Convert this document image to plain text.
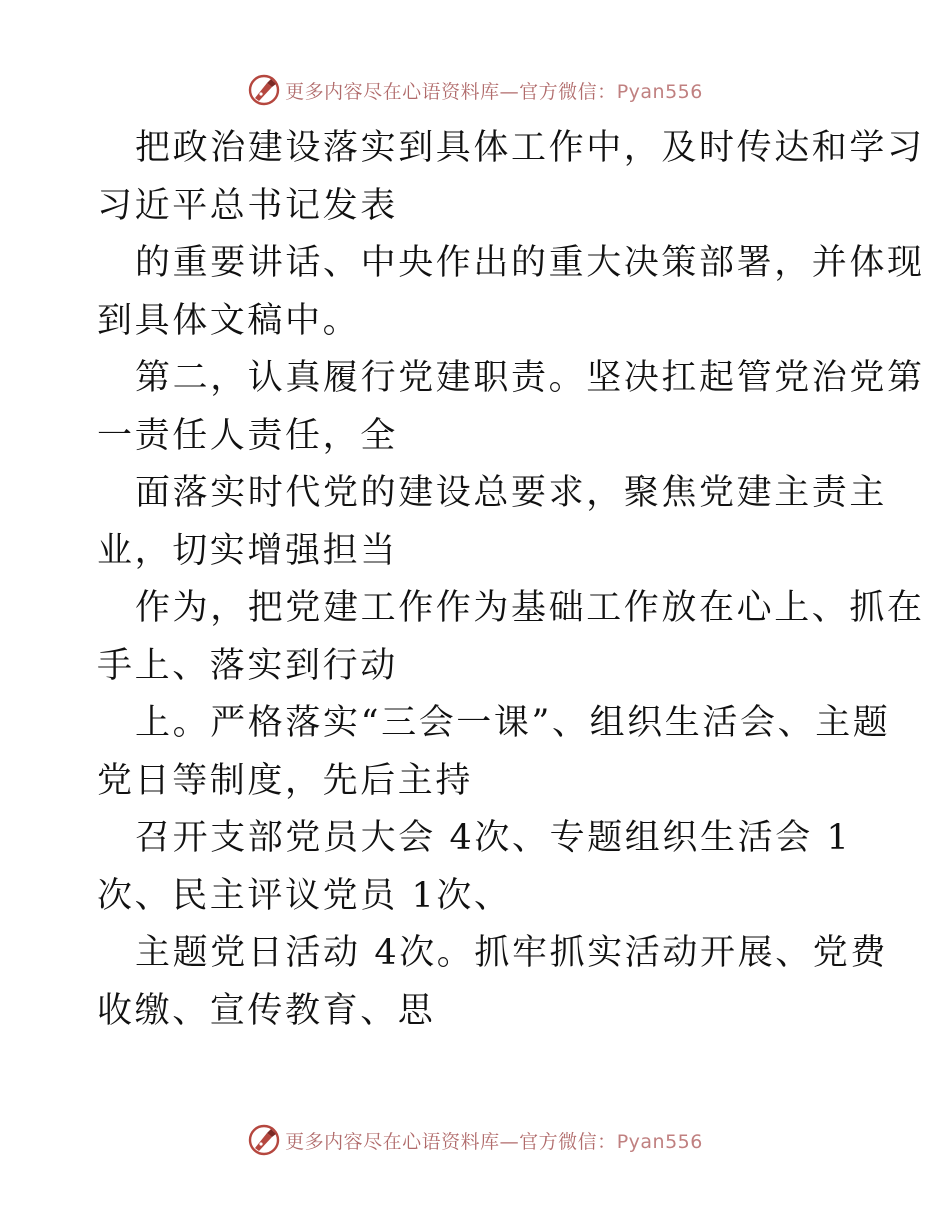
更多内容尽在心语资料库—官方微信：Pyan556
把政治建设落实到具体工作中，及时传达和学习
习近平总书记发表
的重要讲话、中央作出的重大决策部署，并体现
到具体文稿中。
第二，认真履行党建职责。坚决扛起管党治党第
一责任人责任，全
面落实时代党的建设总要求，聚焦党建主责主
业，切实增强担当
作为，把党建工作作为基础工作放在心上、抓在
手上、落实到行动
上。严格落实“三会一课”、组织生活会、主题
党日等制度，先后主持
召开支部党员大会 4次、专题组织生活会 1
次、民主评议党员 1次、
主题党日活动 4次。抓牢抓实活动开展、党费
收缴、宣传教育、思
更多内容尽在心语资料库—官方微信：Pyan556
